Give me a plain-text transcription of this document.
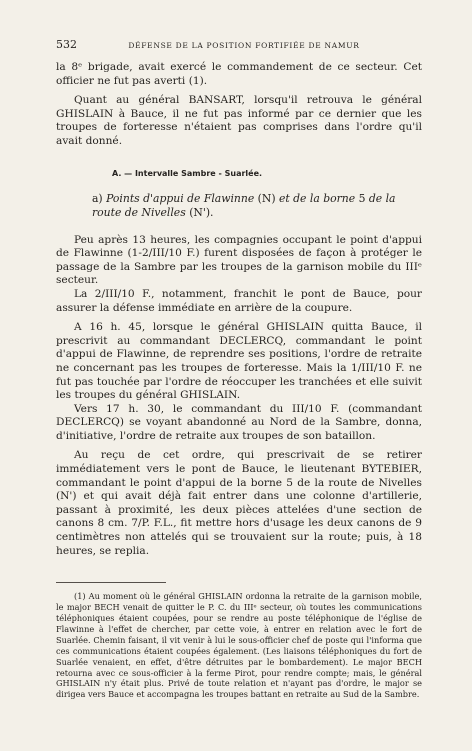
532	DÉFENSE DE LA POSITION FORTIFIÉE DE NAMUR

la 8ᵉ brigade, avait exercé le commandement de ce secteur. Cet officier ne fut pas averti (1).

Quant au général BANSART, lorsqu'il retrouva le général GHISLAIN à Bauce, il ne fut pas informé par ce dernier que les troupes de forteresse n'étaient pas comprises dans l'ordre qu'il avait donné.

A. — Intervalle Sambre - Suarlée.
a) Points d'appui de Flawinne (N) et de la borne 5 de la route de Nivelles (N').

Peu après 13 heures, les compagnies occupant le point d'appui de Flawinne (1-2/III/10 F.) furent disposées de façon à protéger le passage de la Sambre par les troupes de la garnison mobile du IIIᵉ secteur.

La 2/III/10 F., notamment, franchit le pont de Bauce, pour assurer la défense immédiate en arrière de la coupure.

A 16 h. 45, lorsque le général GHISLAIN quitta Bauce, il prescrivit au commandant DECLERCQ, commandant le point d'appui de Flawinne, de reprendre ses positions, l'ordre de retraite ne concernant pas les troupes de forteresse. Mais la 1/III/10 F. ne fut pas touchée par l'ordre de réoccuper les tranchées et elle suivit les troupes du général GHISLAIN.

Vers 17 h. 30, le commandant du III/10 F. (commandant DECLERCQ) se voyant abandonné au Nord de la Sambre, donna, d'initiative, l'ordre de retraite aux troupes de son bataillon.

Au reçu de cet ordre, qui prescrivait de se retirer immédiatement vers le pont de Bauce, le lieutenant BYTEBIER, commandant le point d'appui de la borne 5 de la route de Nivelles (N') et qui avait déjà fait entrer dans une colonne d'artillerie, passant à proximité, les deux pièces attelées d'une section de canons 8 cm. 7/P. F.L., fit mettre hors d'usage les deux canons de 9 centimètres non attelés qui se trouvaient sur la route; puis, à 18 heures, se replia.

(1) Au moment où le général GHISLAIN ordonna la retraite de la garnison mobile, le major BECH venait de quitter le P. C. du IIIᵉ secteur, où toutes les communications téléphoniques étaient coupées, pour se rendre au poste téléphonique de l'église de Flawinne à l'effet de chercher, par cette voie, à entrer en relation avec le fort de Suarlée. Chemin faisant, il vit venir à lui le sous-officier chef de poste qui l'informa que ces communications étaient coupées également. (Les liaisons téléphoniques du fort de Suarlée venaient, en effet, d'être détruites par le bombardement). Le major BECH retourna avec ce sous-officier à la ferme Pirot, pour rendre compte; mais, le général GHISLAIN n'y était plus. Privé de toute relation et n'ayant pas d'ordre, le major se dirigea vers Bauce et accompagna les troupes battant en retraite au Sud de la Sambre.
